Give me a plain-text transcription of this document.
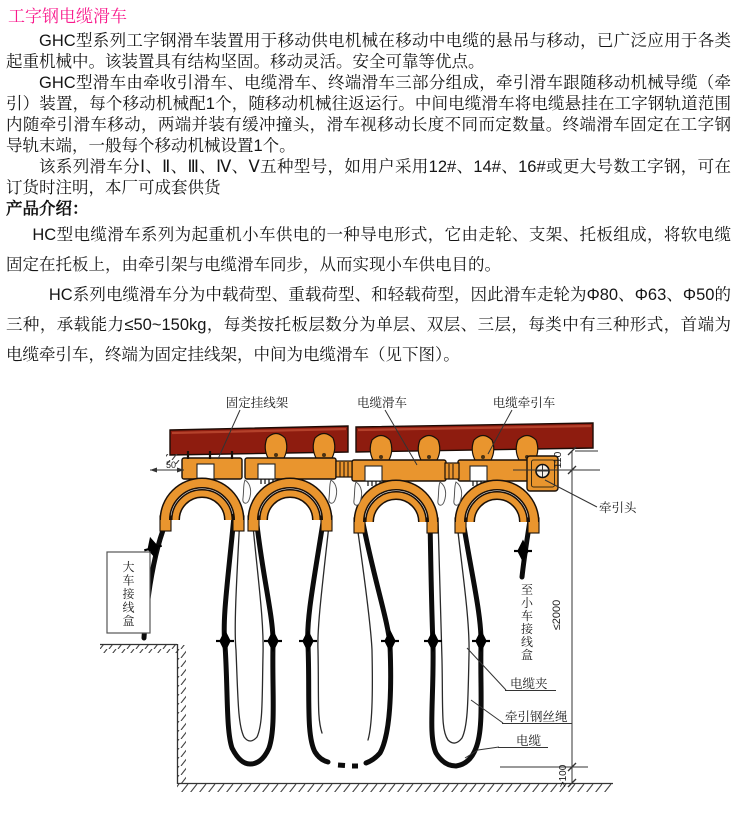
工字钢电缆滑车

GHC型系列工字钢滑车装置用于移动供电机械在移动中电缆的悬吊与移动，已广泛应用于各类起重机械中。该装置具有结构坚固。移动灵活。安全可靠等优点。

GHC型滑车由牵收引滑车、电缆滑车、终端滑车三部分组成，牵引滑车跟随移动机械导缆（牵引）装置，每个移动机械配1个，随移动机械往返运行。中间电缆滑车将电缆悬挂在工字钢轨道范围内随牵引滑车移动，两端并装有缓冲撞头，滑车视移动长度不同而定数量。终端滑车固定在工字钢导轨末端，一般每个移动机械设置1个。

该系列滑车分Ⅰ、Ⅱ、Ⅲ、Ⅳ、Ⅴ五种型号，如用户采用12#、14#、16#或更大号数工字钢，可在订货时注明，本厂可成套供货

产品介绍：

HC型电缆滑车系列为起重机小车供电的一种导电形式，它由走轮、支架、托板组成，将软电缆固定在托板上，由牵引架与电缆滑车同步，从而实现小车供电目的。

HC系列电缆滑车分为中载荷型、重载荷型、和轻载荷型，因此滑车走轮为Φ80、Φ63、Φ50的三种，承载能力≤50~150kg，每类按托板层数分为单层、双层、三层，每类中有三种形式，首端为电缆牵引车，终端为固定挂线架，中间为电缆滑车（见下图）。

大车接线盒
至小车接线盒
50	110
≤2000
>100
固定挂线架	电缆滑车	电缆牵引车
牵引头
电缆夹
牵引钢丝绳
电缆
